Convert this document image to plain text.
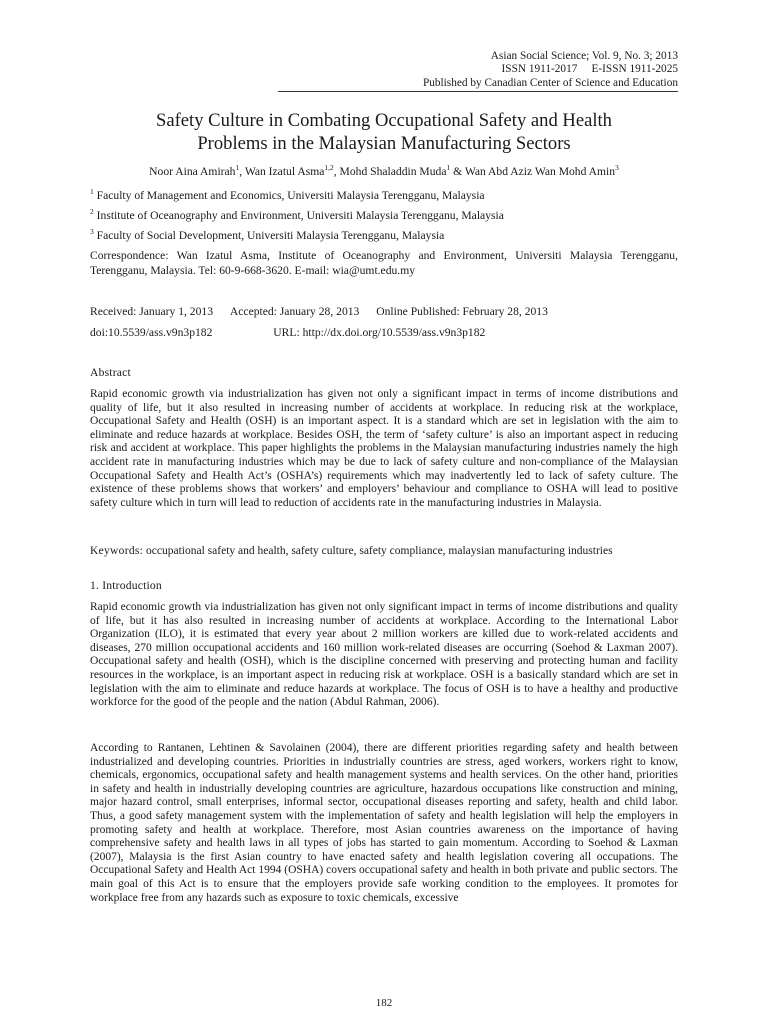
Asian Social Science; Vol. 9, No. 3; 2013
ISSN 1911-2017     E-ISSN 1911-2025
Published by Canadian Center of Science and Education
Safety Culture in Combating Occupational Safety and Health
Problems in the Malaysian Manufacturing Sectors
Noor Aina Amirah$^1$, Wan Izatul Asma$^{1,2}$, Mohd Shaladdin Muda$^1$ & Wan Abd Aziz Wan Mohd Amin$^3$
$^1$ Faculty of Management and Economics, Universiti Malaysia Terengganu, Malaysia
$^2$ Institute of Oceanography and Environment, Universiti Malaysia Terengganu, Malaysia
$^3$ Faculty of Social Development, Universiti Malaysia Terengganu, Malaysia
Correspondence: Wan Izatul Asma, Institute of Oceanography and Environment, Universiti Malaysia Terengganu, Terengganu, Malaysia. Tel: 60-9-668-3620. E-mail: wia@umt.edu.my
Received: January 1, 2013 Accepted: January 28, 2013 Online Published: February 28, 2013
doi:10.5539/ass.v9n3p182	URL: http://dx.doi.org/10.5539/ass.v9n3p182
Abstract

Rapid economic growth via industrialization has given not only a significant impact in terms of income distributions and quality of life, but it also resulted in increasing number of accidents at workplace. In reducing risk at the workplace, Occupational Safety and Health (OSH) is an important aspect. It is a standard which are set in legislation with the aim to eliminate and reduce hazards at workplace. Besides OSH, the term of ‘safety culture’ is also an important aspect in reducing risk and accident at workplace. This paper highlights the problems in the Malaysian manufacturing industries namely the high accident rate in manufacturing industries which may be due to lack of safety culture and non-compliance of the Malaysian Occupational Safety and Health Act’s (OSHA’s) requirements which may inadvertently led to lack of safety culture. The existence of these problems shows that workers’ and employers’ behaviour and compliance to OSHA will lead to positive safety culture which in turn will lead to reduction of accidents rate in the manufacturing industries in Malaysia.

Keywords: occupational safety and health, safety culture, safety compliance, malaysian manufacturing industries

1. Introduction

Rapid economic growth via industrialization has given not only significant impact in terms of income distributions and quality of life, but it has also resulted in increasing number of accidents at workplace. According to the International Labor Organization (ILO), it is estimated that every year about 2 million workers are killed due to work-related accidents and diseases, 270 million occupational accidents and 160 million work-related diseases are occurring (Soehod & Laxman 2007). Occupational safety and health (OSH), which is the discipline concerned with preserving and protecting human and facility resources in the workplace, is an important aspect in reducing risk at workplace. OSH is a basically standard which are set in legislation with the aim to eliminate and reduce hazards at workplace. The focus of OSH is to have a healthy and productive workforce for the good of the people and the nation (Abdul Rahman, 2006).

According to Rantanen, Lehtinen & Savolainen (2004), there are different priorities regarding safety and health between industrialized and developing countries. Priorities in industrially countries are stress, aged workers, workers right to know, chemicals, ergonomics, occupational safety and health management systems and health services. On the other hand, priorities in safety and health in industrially developing countries are agriculture, hazardous occupations like construction and mining, major hazard control, small enterprises, informal sector, occupational diseases reporting and safety, health and child labor. Thus, a good safety management system with the implementation of safety and health legislation will help the employers in promoting safety and health at workplace. Therefore, most Asian countries awareness on the importance of having comprehensive safety and health laws in all types of jobs has started to gain momentum. According to Soehod & Laxman (2007), Malaysia is the first Asian country to have enacted safety and health legislation covering all occupations. The Occupational Safety and Health Act 1994 (OSHA) covers occupational safety and health in both private and public sectors. The main goal of this Act is to ensure that the employers provide safe working condition to the employees. It promotes for workplace free from any hazards such as exposure to toxic chemicals, excessive

182
